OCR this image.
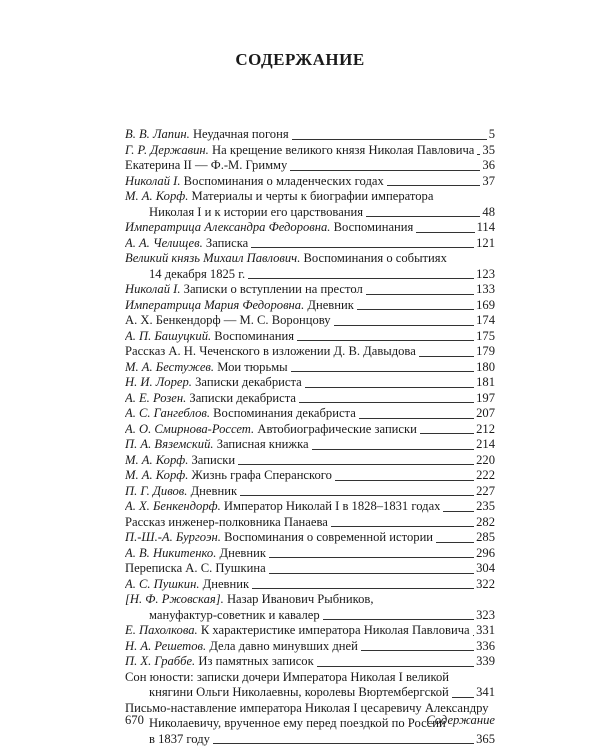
СОДЕРЖАНИЕ
В. В. Лапин. Неудачная погоня	5
Г. Р. Державин. На крещение великого князя Николая Павловича 35
Екатерина II — Ф.-М. Гримму	36
Николай I. Воспоминания о младенческих годах	37
М. А. Корф. Материалы и черты к биографии императора
Николая I и к истории его царствования	48
Императрица Александра Федоровна. Воспоминания	114
А. А. Челищев. Записка	121
Великий князь Михаил Павлович. Воспоминания о событиях
14 декабря 1825 г.	123
Николай I. Записки о вступлении на престол	133
Императрица Мария Федоровна. Дневник	169
А. Х. Бенкендорф — М. С. Воронцову	174
А. П. Башуцкий. Воспоминания	175
Рассказ А. Н. Чеченского в изложении Д. В. Давыдова	179
М. А. Бестужев. Мои тюрьмы	180
Н. И. Лорер. Записки декабриста	181
А. Е. Розен. Записки декабриста	197
А. С. Гангеблов. Воспоминания декабриста	207
А. О. Смирнова-Россет. Автобиографические записки	212
П. А. Вяземский. Записная книжка	214
М. А. Корф. Записки	220
М. А. Корф. Жизнь графа Сперанского	222
П. Г. Дивов. Дневник	227
А. Х. Бенкендорф. Император Николай I в 1828–1831 годах	235
Рассказ инженер-полковника Панаева	282
П.-Ш.-А. Бургоэн. Воспоминания о современной истории	285
А. В. Никитенко. Дневник	296
Переписка А. С. Пушкина	304
А. С. Пушкин. Дневник	322
[Н. Ф. Ржовская]. Назар Иванович Рыбников,
мануфактур-советник и кавалер	323
Е. Пахолкова. К характеристике императора Николая Павловича 331
Н. А. Решетов. Дела давно минувших дней	336
П. Х. Граббе. Из памятных записок	339
Сон юности: записки дочери Императора Николая I великой
княгини Ольги Николаевны, королевы Вюртембергской 341
Письмо-наставление императора Николая I цесаревичу Александру
Николаевичу, врученное ему перед поездкой по России
в 1837 году	365
670	Содержание
